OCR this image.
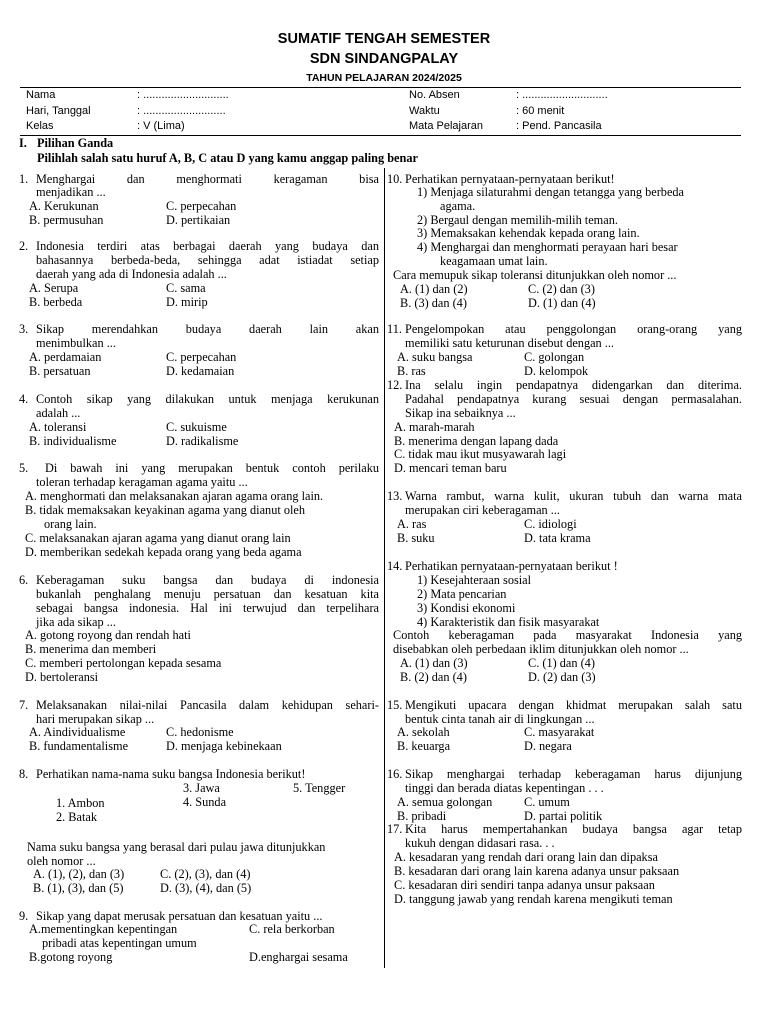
SUMATIF TENGAH SEMESTER
SDN SINDANGPALAY
TAHUN PELAJARAN 2024/2025
Nama	: ............................
Hari, Tanggal	: ...........................
Kelas	: V (Lima)
No. Absen	: ............................
Waktu	: 60 menit
Mata Pelajaran	: Pend. Pancasila
I. Pilihan Ganda
Pilihlah salah satu huruf A, B, C atau D yang kamu anggap paling benar
1. Menghargai dan menghormati keragaman bisa
menjadikan ...
A. Kerukunan
B. permusuhan
C. perpecahan
D. pertikaian
2. Indonesia terdiri atas berbagai daerah yang budaya dan
bahasannya berbeda-beda, sehingga adat istiadat setiap
daerah yang ada di Indonesia adalah ...
A. Serupa
B. berbeda
C. sama
D. mirip
3. Sikap merendahkan budaya daerah lain akan
menimbulkan ...
A. perdamaian
B. persatuan
C. perpecahan
D. kedamaian
4. Contoh sikap yang dilakukan untuk menjaga kerukunan
adalah ...
A. toleransi
B. individualisme
C. sukuisme
D. radikalisme
5. Di bawah ini yang merupakan bentuk contoh perilaku
toleran terhadap keragaman agama yaitu ...
A. menghormati dan melaksanakan ajaran agama orang lain.
B. tidak memaksakan keyakinan agama yang dianut oleh
orang lain.
C. melaksanakan ajaran agama yang dianut orang lain
D. memberikan sedekah kepada orang yang beda agama
6. Keberagaman suku bangsa dan budaya di indonesia
bukanlah penghalang menuju persatuan dan kesatuan kita
sebagai bangsa indonesia. Hal ini terwujud dan terpelihara
jika ada sikap ...
A. gotong royong dan rendah hati
B. menerima dan memberi
C. memberi pertolongan kepada sesama
D. bertoleransi
7. Melaksanakan nilai-nilai Pancasila dalam kehidupan sehari-
hari merupakan sikap ...
A. Aindividualisme
B. fundamentalisme
C. hedonisme
D. menjaga kebinekaan
8. Perhatikan nama-nama suku bangsa Indonesia berikut!
3. Jawa	5. Tengger
1. Ambon	4. Sunda
2. Batak
Nama suku bangsa yang berasal dari pulau jawa ditunjukkan
oleh nomor ...
A. (1), (2), dan (3)
B. (1), (3), dan (5)
C. (2), (3), dan (4)
D. (3), (4), dan (5)
9. Sikap yang dapat merusak persatuan dan kesatuan yaitu ...
A.mementingkan kepentingan
pribadi atas kepentingan umum
B.gotong royong
C. rela berkorban
D.enghargai sesama
10. Perhatikan pernyataan-pernyataan berikut!
1) Menjaga silaturahmi dengan tetangga yang berbeda
agama.
2) Bergaul dengan memilih-milih teman.
3) Memaksakan kehendak kepada orang lain.
4) Menghargai dan menghormati perayaan hari besar
keagamaan umat lain.
Cara memupuk sikap toleransi ditunjukkan oleh nomor ...
A. (1) dan (2)
B. (3) dan (4)
C. (2) dan (3)
D. (1) dan (4)
11. Pengelompokan atau penggolongan orang-orang yang
memiliki satu keturunan disebut dengan ...
A. suku bangsa
B. ras
C. golongan
D. kelompok
12. Ina selalu ingin pendapatnya didengarkan dan diterima.
Padahal pendapatnya kurang sesuai dengan permasalahan.
Sikap ina sebaiknya ...
A. marah-marah
B. menerima dengan lapang dada
C. tidak mau ikut musyawarah lagi
D. mencari teman baru
13. Warna rambut, warna kulit, ukuran tubuh dan warna mata
merupakan ciri keberagaman ...
A. ras
B. suku
C. idiologi
D. tata krama
14. Perhatikan pernyataan-pernyataan berikut !
1) Kesejahteraan sosial
2) Mata pencarian
3) Kondisi ekonomi
4) Karakteristik dan fisik masyarakat
Contoh keberagaman pada masyarakat Indonesia yang
disebabkan oleh perbedaan iklim ditunjukkan oleh nomor ...
A. (1) dan (3)
B. (2) dan (4)
C. (1) dan (4)
D. (2) dan (3)
15. Mengikuti upacara dengan khidmat merupakan salah satu
bentuk cinta tanah air di lingkungan ...
A. sekolah
B. keuarga
C. masyarakat
D. negara
16. Sikap menghargai terhadap keberagaman harus dijunjung
tinggi dan berada diatas kepentingan . . .
A. semua golongan
B. pribadi
C. umum
D. partai politik
17. Kita harus mempertahankan budaya bangsa agar tetap
kukuh dengan didasari rasa. . .
A. kesadaran yang rendah dari orang lain dan dipaksa
B. kesadaran dari orang lain karena adanya unsur paksaan
C. kesadaran diri sendiri tanpa adanya unsur paksaan
D. tanggung jawab yang rendah karena mengikuti teman
